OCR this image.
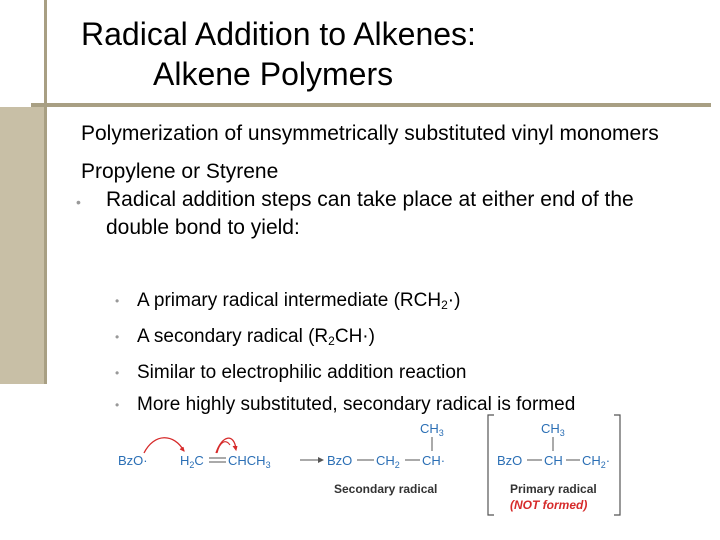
Radical Addition to Alkenes:
Alkene Polymers
Polymerization of unsymmetrically substituted vinyl monomers
Propylene or Styrene
• Radical addition steps can take place at either end of the double bond to yield:
• A primary radical intermediate $(RCH_2\cdot)$
• A secondary radical $(R_2CH\cdot)$
• Similar to electrophilic addition reaction
• More highly substituted, secondary radical is formed
$BzO\cdot H_2C$ $CHCH_3$
$CH_3$
BzO $CH_2$ CH·
Secondary radical
$CH_3$
BzO CH $CH_2\cdot$
Primary radical
(NOT formed)
